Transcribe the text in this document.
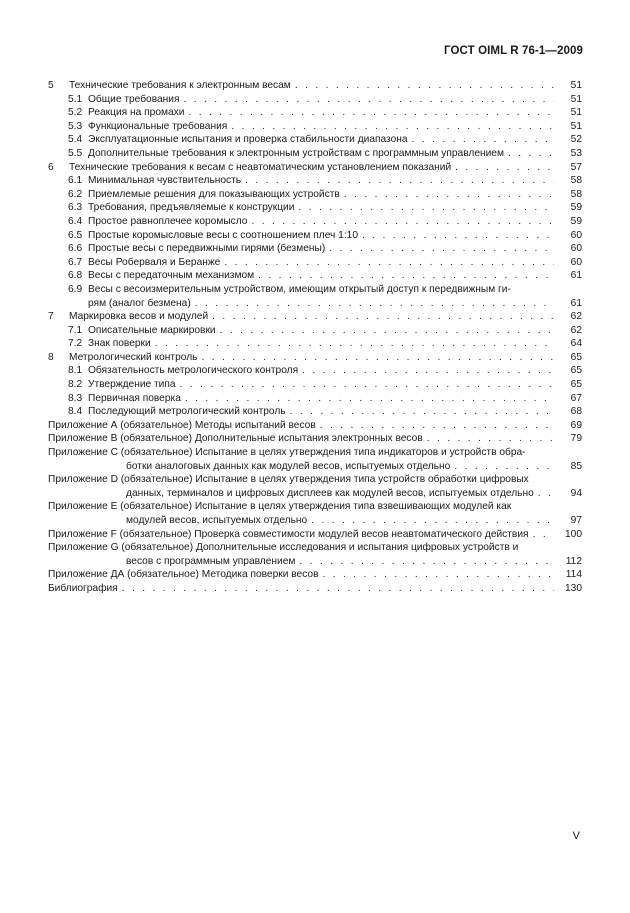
ГОСТ OIML R 76-1—2009
5	Технические требования к электронным весам . . .	51
5.1 Общие требования . . .	51
5.2 Реакция на промахи . . .	51
5.3 Функциональные требования . . .	51
5.4 Эксплуатационные испытания и проверка стабильности диапазона . . .	52
5.5 Дополнительные требования к электронным устройствам с программным управлением . . .	53
6	Технические требования к весам с неавтоматическим установлением показаний . . .	57
6.1 Минимальная чувствительность . . .	58
6.2 Приемлемые решения для показывающих устройств . . .	58
6.3 Требования, предъявляемые к конструкции . . .	59
6.4 Простое равноплечее коромысло . . .	59
6.5 Простые коромысловые весы с соотношением плеч 1:10 . . .	60
6.6 Простые весы с передвижными гирями (безмены) . . .	60
6.7 Весы Роберваля и Беранже . . .	60
6.8 Весы с передаточным механизмом . . .	61
6.9 Весы с весоизмерительным устройством, имеющим открытый доступ к передвижным ги-
рям (аналог безмена) . . .	61
7	Маркировка весов и модулей . . .	62
7.1 Описательные маркировки . . .	62
7.2 Знак поверки . . .	64
8	Метрологический контроль . . .	65
8.1 Обязательность метрологического контроля . . .	65
8.2 Утверждение типа . . .	65
8.3 Первичная поверка . . .	67
8.4 Последующий метрологический контроль . . .	68
Приложение А (обязательное) Методы испытаний весов . . .	69
Приложение В (обязательное) Дополнительные испытания электронных весов . . .	79
Приложение С (обязательное) Испытание в целях утверждения типа индикаторов и устройств обра-
ботки аналоговых данных как модулей весов, испытуемых отдельно . . .	85
Приложение D (обязательное) Испытание в целях утверждения типа устройств обработки цифровых
данных, терминалов и цифровых дисплеев как модулей весов, испытуемых отдельно . . .	94
Приложение Е (обязательное) Испытание в целях утверждения типа взвешивающих модулей как
модулей весов, испытуемых отдельно . . .	97
Приложение F (обязательное) Проверка совместимости модулей весов неавтоматического действия . . .	100
Приложение G (обязательное) Дополнительные исследования и испытания цифровых устройств и
весов с программным управлением . . .	112
Приложение ДА (обязательное) Методика поверки весов . . .	114
Библиография . . .	130
V
